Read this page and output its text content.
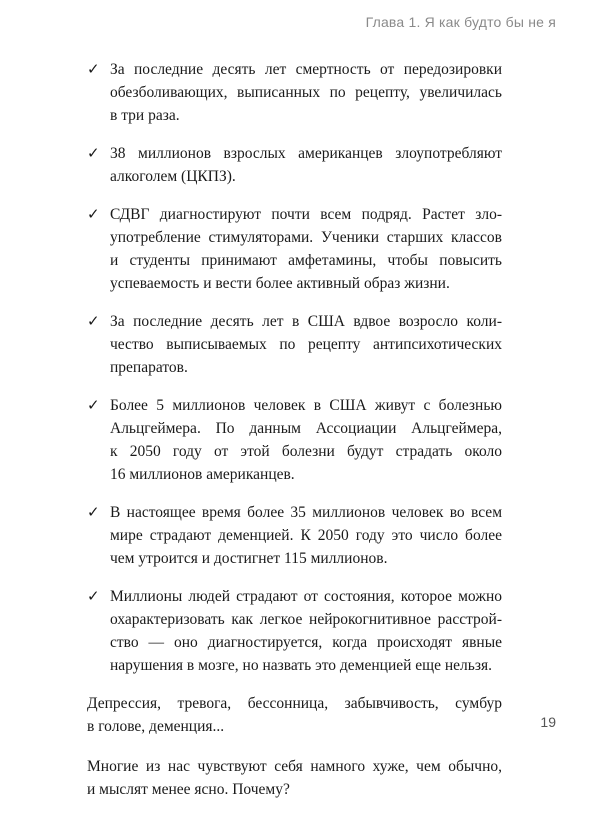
Глава 1. Я как будто бы не я
✓ За последние десять лет смертность от передозировки
обезболивающих, выписанных по рецепту, увеличилась
в три раза.
✓ 38 миллионов взрослых американцев злоупотребляют
алкоголем (ЦКПЗ).
✓ СДВГ диагностируют почти всем подряд. Растет зло-
употребление стимуляторами. Ученики старших классов
и студенты принимают амфетамины, чтобы повысить
успеваемость и вести более активный образ жизни.
✓ За последние десять лет в США вдвое возросло коли-
чество выписываемых по рецепту антипсихотических
препаратов.
✓ Более 5 миллионов человек в США живут с болезнью
Альцгеймера. По данным Ассоциации Альцгеймера,
к 2050 году от этой болезни будут страдать около
16 миллионов американцев.
✓ В настоящее время более 35 миллионов человек во всем
мире страдают деменцией. К 2050 году это число более
чем утроится и достигнет 115 миллионов.
✓ Миллионы людей страдают от состояния, которое можно
охарактеризовать как легкое нейрокогнитивное расстрой-
ство — оно диагностируется, когда происходят явные
нарушения в мозге, но назвать это деменцией еще нельзя.

Депрессия, тревога, бессонница, забывчивость, сумбур
в голове, деменция...

Многие из нас чувствуют себя намного хуже, чем обычно,
и мыслят менее ясно. Почему?

19
